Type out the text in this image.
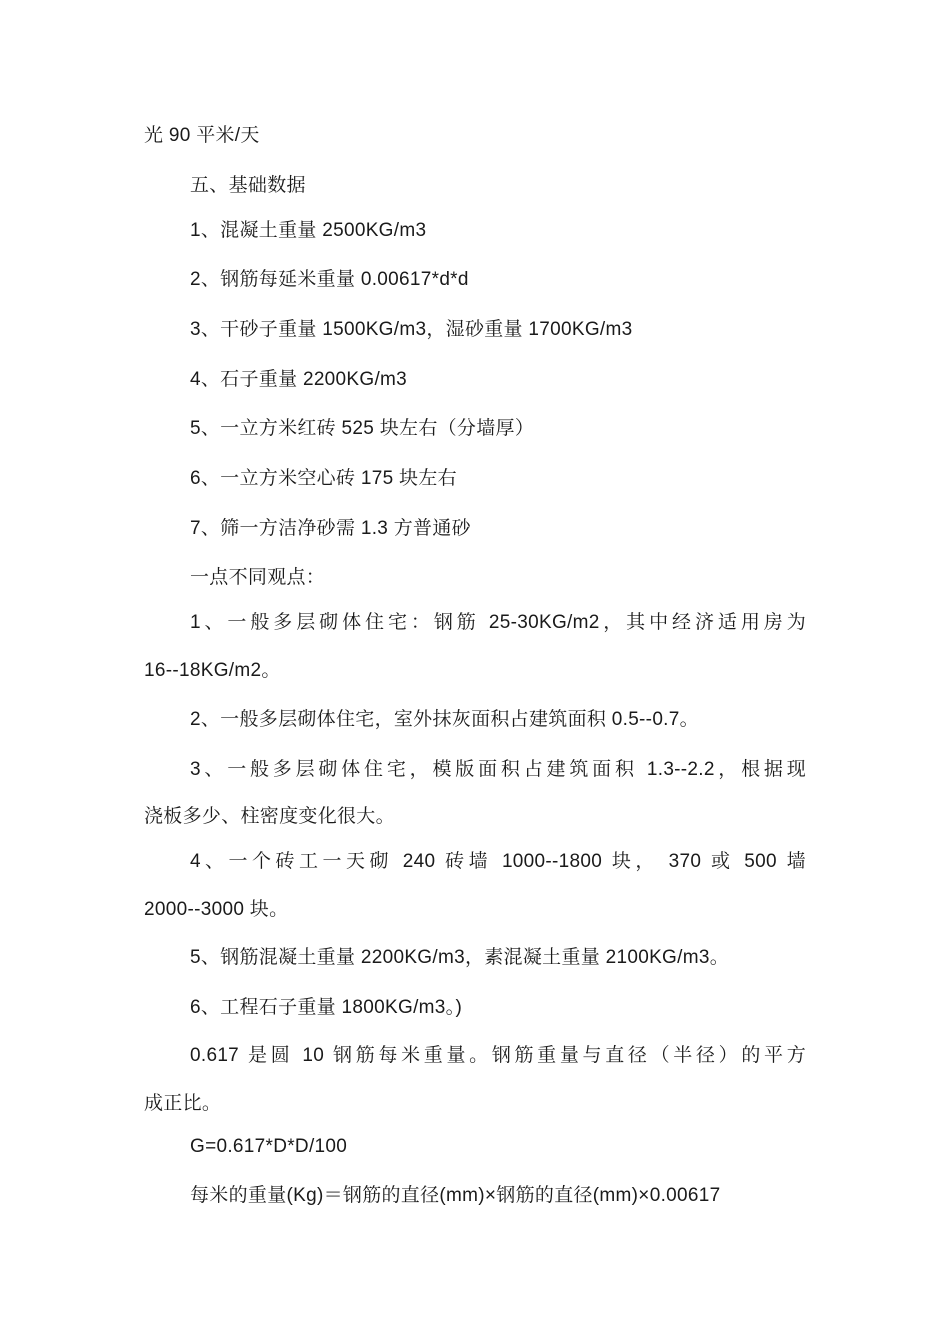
光 90 平米/天
五、基础数据
1、混凝土重量 2500KG/m3
2、钢筋每延米重量 0.00617*d*d
3、干砂子重量 1500KG/m3，湿砂重量 1700KG/m3
4、石子重量 2200KG/m3
5、一立方米红砖 525 块左右（分墙厚）
6、一立方米空心砖 175 块左右
7、筛一方洁净砂需 1.3 方普通砂
一点不同观点：
1、一般多层砌体住宅：钢筋 25-30KG/m2，其中经济适用房为
16--18KG/m2。
2、一般多层砌体住宅，室外抹灰面积占建筑面积 0.5--0.7。
3、一般多层砌体住宅，模版面积占建筑面积 1.3--2.2，根据现
浇板多少、柱密度变化很大。
4、一个砖工一天砌 240 砖墙 1000--1800 块， 370 或 500 墙
2000--3000 块。
5、钢筋混凝土重量 2200KG/m3，素混凝土重量 2100KG/m3。
6、工程石子重量 1800KG/m3。)
0.617 是圆 10 钢筋每米重量。钢筋重量与直径（半径）的平方
成正比。
G=0.617*D*D/100
每米的重量(Kg)＝钢筋的直径(mm)×钢筋的直径(mm)×0.00617
